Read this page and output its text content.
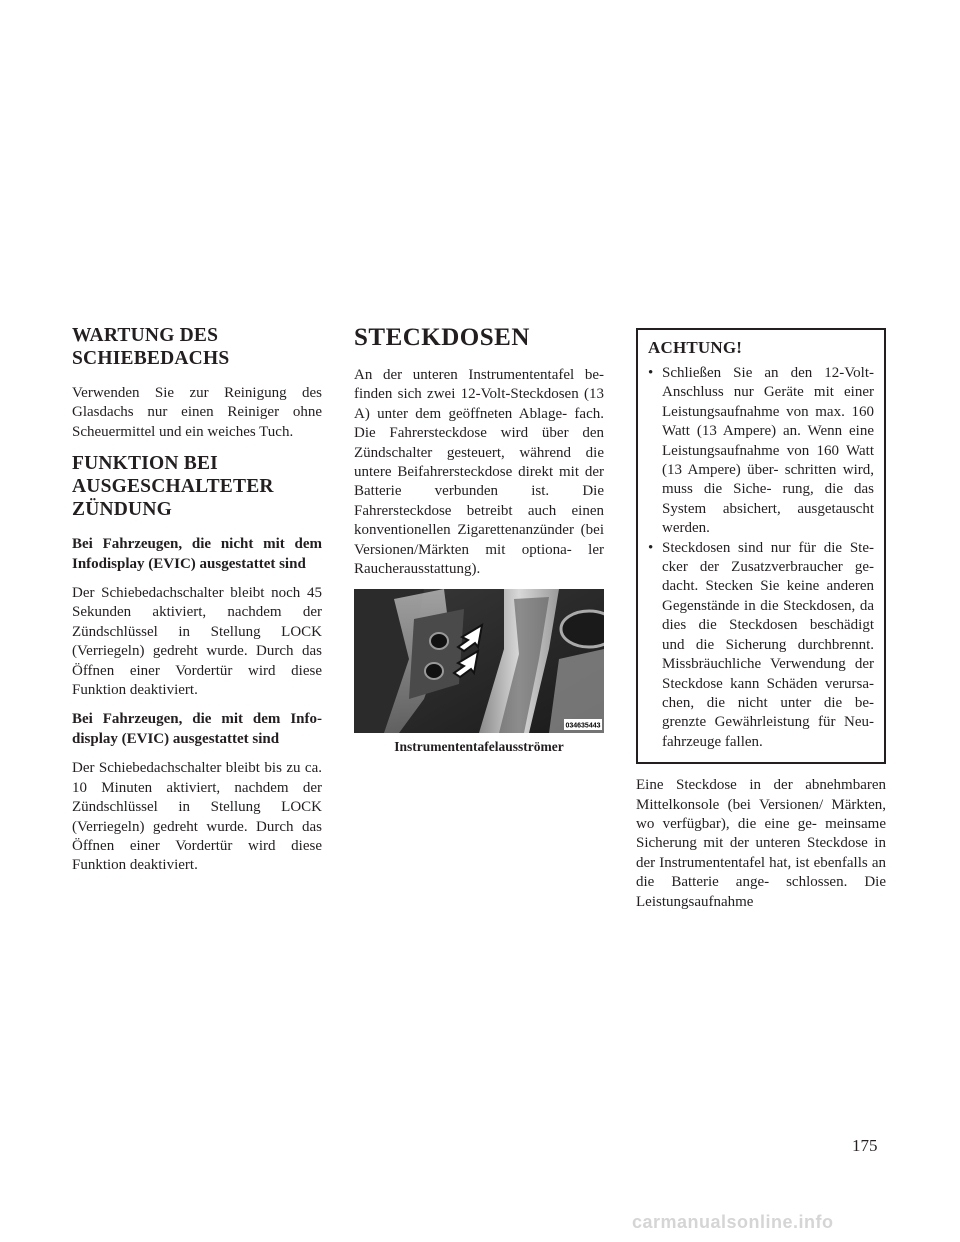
WARTUNG DES SCHIEBEDACHS

Verwenden Sie zur Reinigung des Glasdachs nur einen Reiniger ohne Scheuermittel und ein weiches Tuch.

FUNKTION BEI AUSGESCHALTETER ZÜNDUNG

Bei Fahrzeugen, die nicht mit dem Infodisplay (EVIC) ausgestattet sind

Der Schiebedachschalter bleibt noch 45 Sekunden aktiviert, nachdem der Zündschlüssel in Stellung LOCK (Verriegeln) gedreht wurde. Durch das Öffnen einer Vordertür wird diese Funktion deaktiviert.

Bei Fahrzeugen, die mit dem Info- display (EVIC) ausgestattet sind

Der Schiebedachschalter bleibt bis zu ca. 10 Minuten aktiviert, nachdem der Zündschlüssel in Stellung LOCK (Verriegeln) gedreht wurde. Durch das Öffnen einer Vordertür wird diese Funktion deaktiviert.

STECKDOSEN

An der unteren Instrumententafel be- finden sich zwei 12-Volt-Steckdosen (13 A) unter dem geöffneten Ablage- fach. Die Fahrersteckdose wird über den Zündschalter gesteuert, während die untere Beifahrersteckdose direkt mit der Batterie verbunden ist. Die Fahrersteckdose betreibt auch einen konventionellen Zigarettenanzünder (bei Versionen/Märkten mit optiona- ler Raucherausstattung).

034635443
Instrumententafelausströmer
ACHTUNG!
• Schließen Sie an den 12-Volt- Anschluss nur Geräte mit einer Leistungsaufnahme von max. 160 Watt (13 Ampere) an. Wenn eine Leistungsaufnahme von 160 Watt (13 Ampere) über- schritten wird, muss die Siche- rung, die das System absichert, ausgetauscht werden.
• Steckdosen sind nur für die Ste- cker der Zusatzverbraucher ge- dacht. Stecken Sie keine anderen Gegenstände in die Steckdosen, da dies die Steckdosen beschädigt und die Sicherung durchbrennt. Missbräuchliche Verwendung der Steckdose kann Schäden verursa- chen, die nicht unter die be- grenzte Gewährleistung für Neu- fahrzeuge fallen.

Eine Steckdose in der abnehmbaren Mittelkonsole (bei Versionen/ Märkten, wo verfügbar), die eine ge- meinsame Sicherung mit der unteren Steckdose in der Instrumententafel hat, ist ebenfalls an die Batterie ange- schlossen. Die Leistungsaufnahme

175
carmanualsonline.info
